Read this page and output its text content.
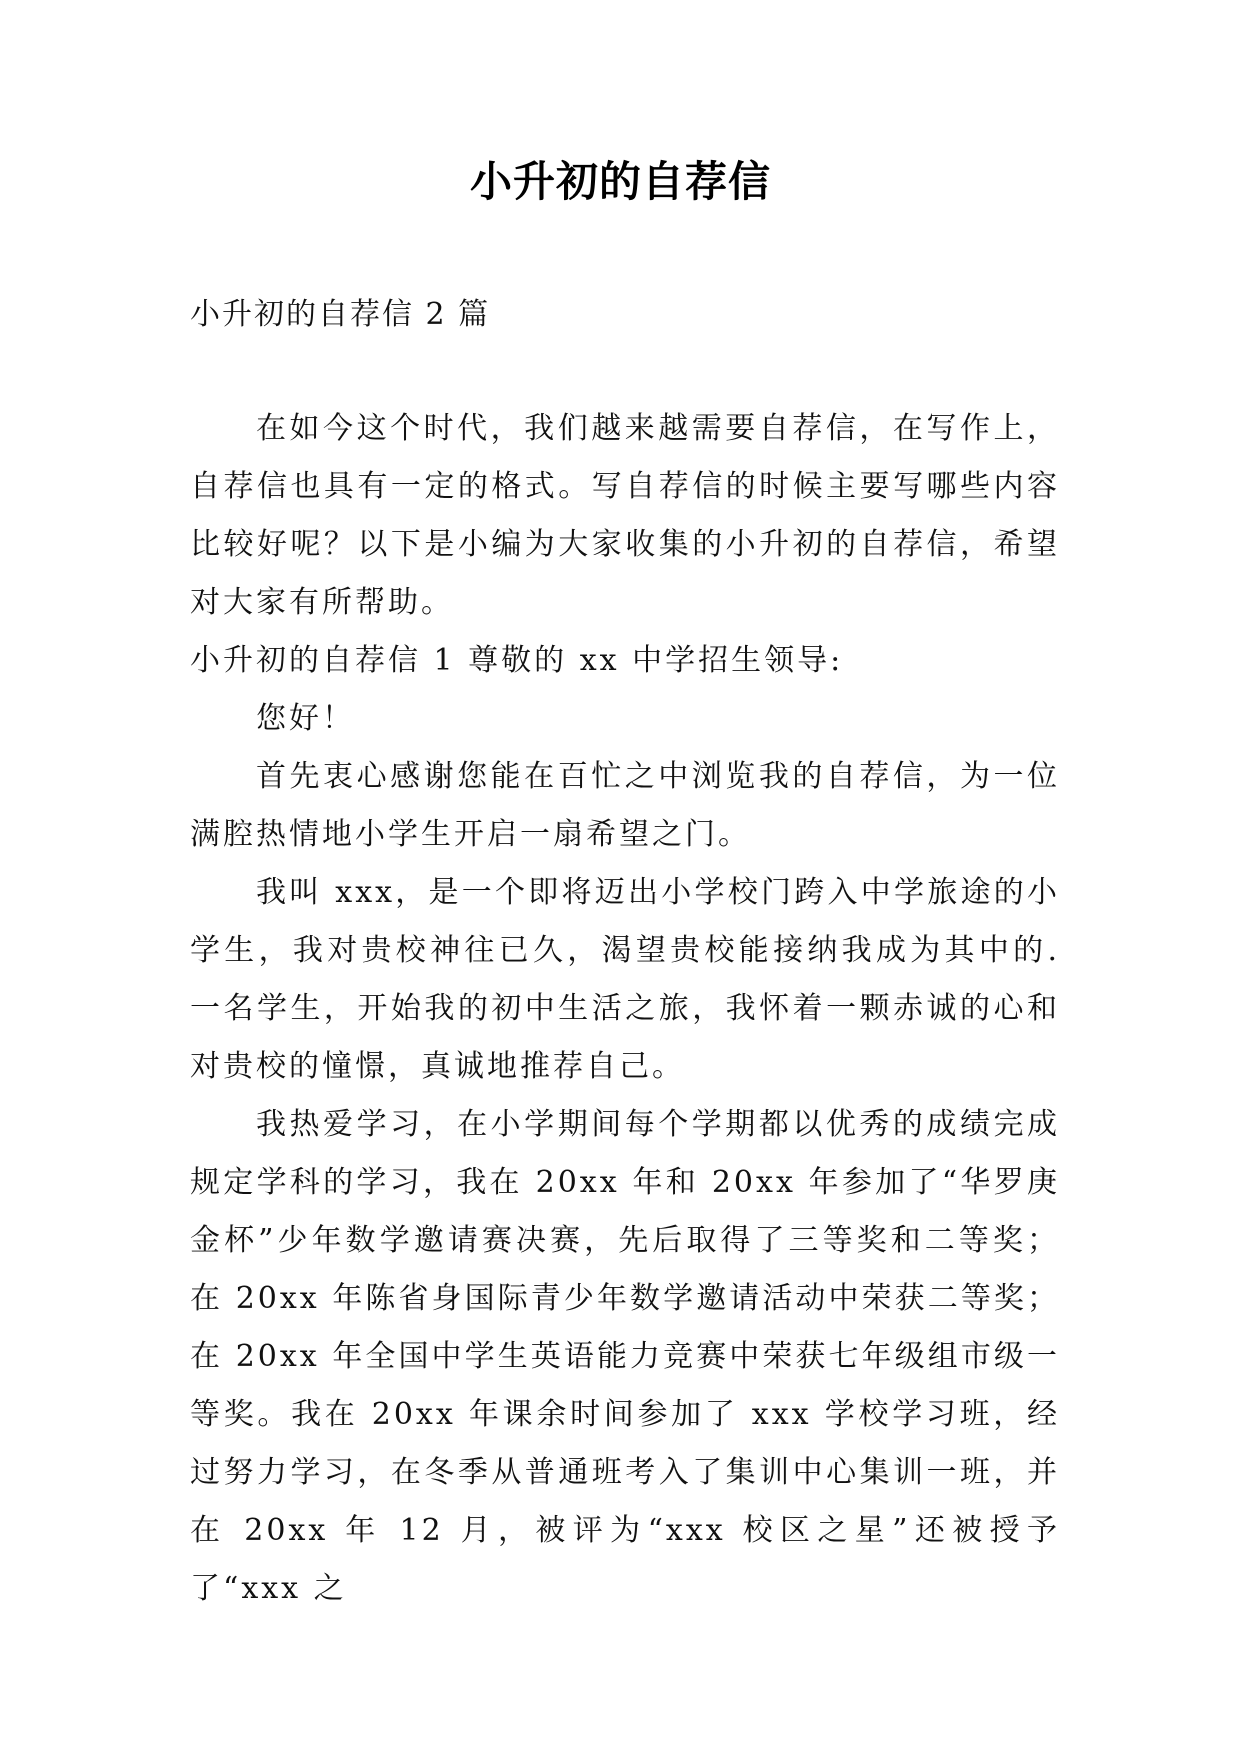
小升初的自荐信
小升初的自荐信 2 篇

在如今这个时代，我们越来越需要自荐信，在写作上，自荐信也具有一定的格式。写自荐信的时候主要写哪些内容比较好呢？以下是小编为大家收集的小升初的自荐信，希望对大家有所帮助。

小升初的自荐信 1 尊敬的 xx 中学招生领导:

您好！

首先衷心感谢您能在百忙之中浏览我的自荐信，为一位满腔热情地小学生开启一扇希望之门。

我叫 xxx，是一个即将迈出小学校门跨入中学旅途的小学生，我对贵校神往已久，渴望贵校能接纳我成为其中的.一名学生，开始我的初中生活之旅，我怀着一颗赤诚的心和对贵校的憧憬，真诚地推荐自己。

我热爱学习，在小学期间每个学期都以优秀的成绩完成规定学科的学习，我在 20xx 年和 20xx 年参加了“华罗庚金杯”少年数学邀请赛决赛，先后取得了三等奖和二等奖；在 20xx 年陈省身国际青少年数学邀请活动中荣获二等奖；在 20xx 年全国中学生英语能力竞赛中荣获七年级组市级一等奖。我在 20xx 年课余时间参加了 xxx 学校学习班，经过努力学习，在冬季从普通班考入了集训中心集训一班，并在 20xx 年 12 月，被评为“xxx 校区之星”还被授予了“xxx 之
